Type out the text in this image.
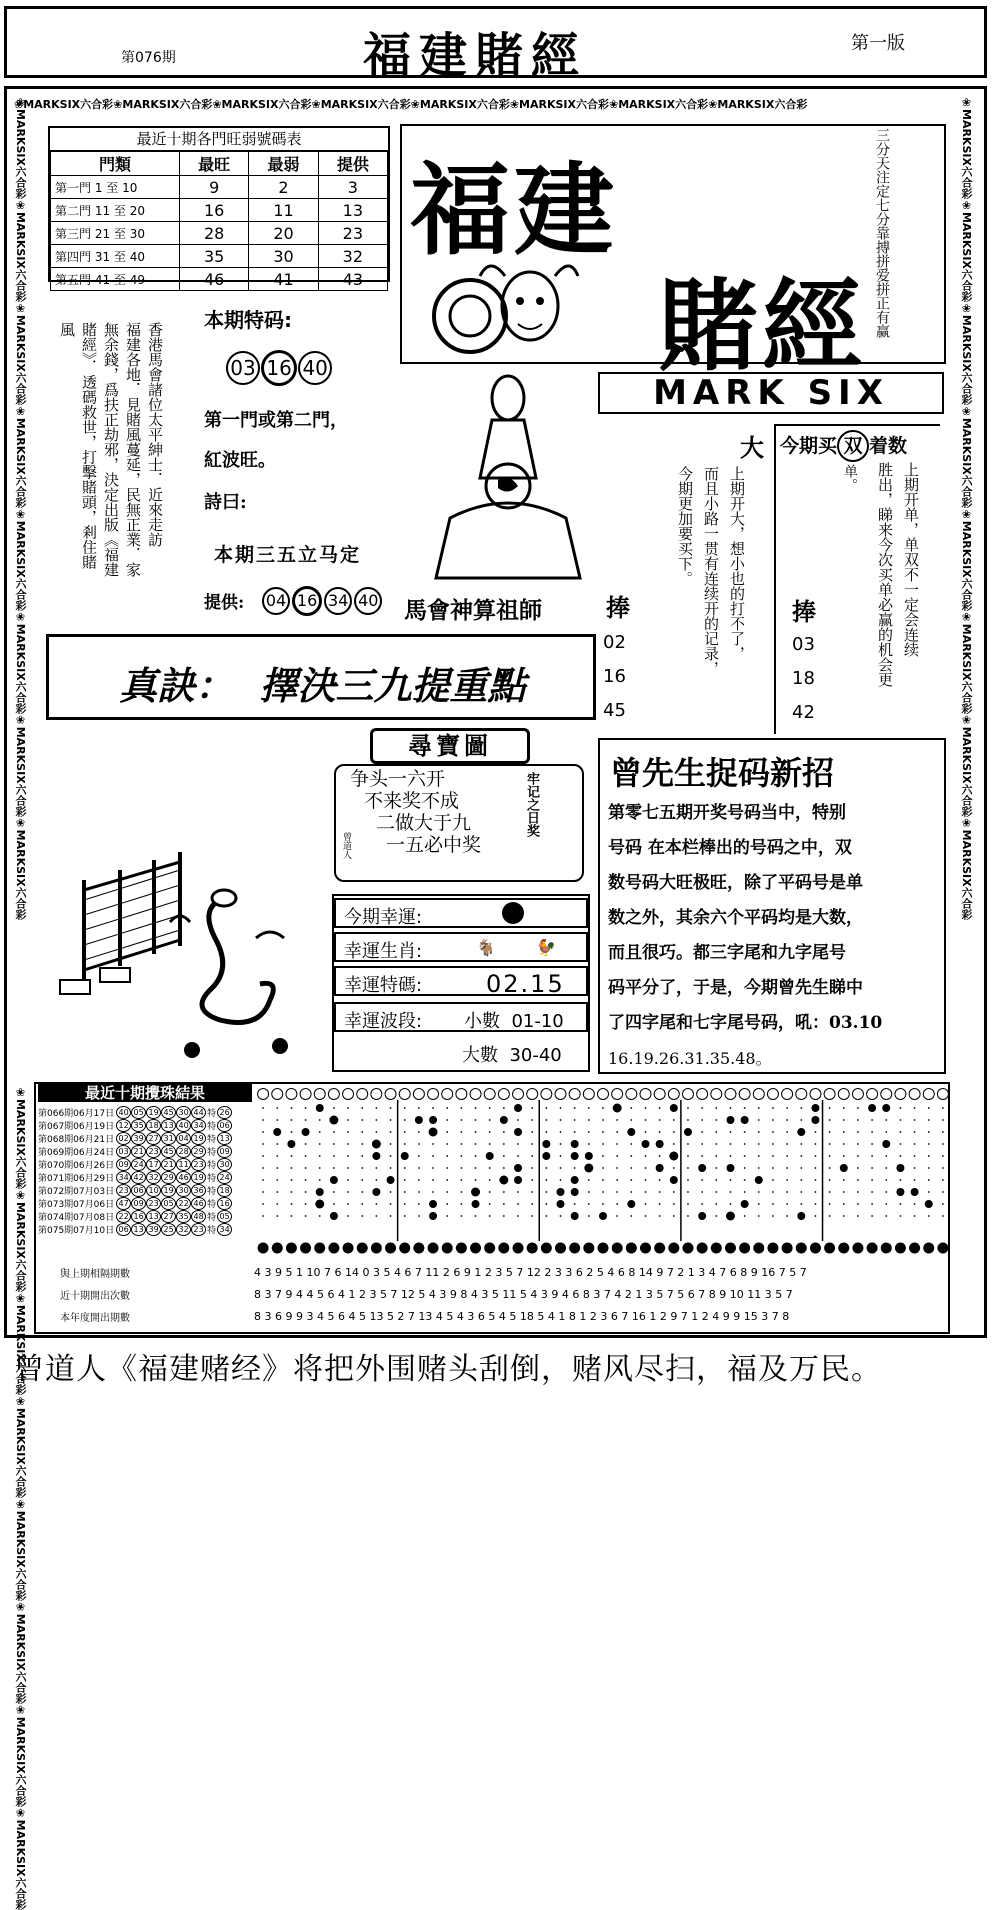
第076期	福建賭經	第一版
❀MARKSIX六合彩❀MARKSIX六合彩❀MARKSIX六合彩❀MARKSIX六合彩❀MARKSIX六合彩❀MARKSIX六合彩❀MARKSIX六合彩❀MARKSIX六合彩
❀MARKSIX六合彩❀MARKSIX六合彩❀MARKSIX六合彩❀MARKSIX六合彩❀MARKSIX六合彩❀MARKSIX六合彩❀MARKSIX六合彩❀MARKSIX六合彩	❀MARKSIX六合彩❀MARKSIX六合彩❀MARKSIX六合彩❀MARKSIX六合彩❀MARKSIX六合彩❀MARKSIX六合彩❀MARKSIX六合彩❀MARKSIX六合彩
❀MARKSIX六合彩❀MARKSIX六合彩❀MARKSIX六合彩❀MARKSIX六合彩❀MARKSIX六合彩❀MARKSIX六合彩❀MARKSIX六合彩❀MARKSIX六合彩
最近十期各門旺弱號碼表
門類	最旺	最弱	提供
第一門 1 至 10	9	2	3
第二門 11 至 20	16	11	13
第三門 21 至 30	28	20	23
第四門 31 至 40	35	30	32
第五門 41 至 49	46	41	43
福建
賭經
三分天注定七分靠搏拼爱拼正有赢
MARK SIX
香港馬會諸位太平紳士．近來走訪
福建各地．見賭風蔓延，民無正業．家
無余錢，爲扶正劫邪，決定出版《福建
賭經》．透碼救世，打擊賭頭，剎住賭
風	本期特码:
03 16 40
第一門或第二門，
紅波旺。
詩曰:
本期三五立马定
提供: 04 16 34 40 馬會神算祖師	捧
02
16
45
真訣：  擇決三九提重點
大
上期开大，想小也的打不了，
而且小路一贯有连续开的记录，
今期更加要买下。
今期买 双 着数
单。	上期开单，单双不一定会连续
胜出，睇来今次买单必赢的机会更
捧
03
18
42
尋寶圖
争头一六开
不来奖不成
二做大于九
一五必中奖
牢记之日奖
曾道人
今期幸運:
幸運生肖:	🐐	🐓
幸運特碼:	02.15
幸運波段: 小數  01-10
大數  30-40
曾先生捉码新招
第零七五期开奖号码当中，特别
号码 在本栏棒出的号码之中，双
数号码大旺极旺，除了平码号是单
数之外，其余六个平码均是大数，
而且很巧。都三字尾和九字尾号
码平分了，于是，今期曾先生睇中
了四字尾和七字尾号码，吼：03.10
16.19.26.31.35.48。
最近十期攪珠結果
第066期06月17日	40	05	19	45	30	44	特	26
第067期06月19日	12	35	18	13	40	34	特	06
第068期06月21日	02	39	27	31	04	19	特	13
第069期06月24日	03	21	23	45	28	29	特	09
第070期06月26日	09	24	17	21	11	23	特	30
第071期06月29日	34	42	32	29	46	19	特	24
第072期07月03日	23	06	10	19	30	36	特	18
第073期07月06日	47	09	23	05	22	46	特	16
第074期07月08日	22	16	13	27	35	48	特	05
第075期07月10日	06	13	39	25	32	23	特	34
與上期相隔期數
近十期開出次數
本年度開出期數
4 3 9 5 1 10 7 6 14 0 3 5 4 6 7 11 2 6 9 1 2 3 5 7 12 2 3 3 6 2 5 4 6 8 14 9 7 2 1 3 4 7 6 8 9 16 7 5 7
8 3 7 9 4 4 5 6 4 1 2 3 5 7 12 5 4 3 9 8 4 3 5 11 5 4 3 9 4 6 8 3 7 4 2 1 3 5 7 5 6 7 8 9 10 11 3 5 7
8 3 6 9 9 3 4 5 6 4 5 13 5 2 7 13 4 5 4 3 6 5 4 5 18 5 4 1 8 1 2 3 6 7 16 1 2 9 7 1 2 4 9 9 15 3 7 8
曾道人《福建赌经》将把外围赌头刮倒，赌风尽扫，福及万民。
